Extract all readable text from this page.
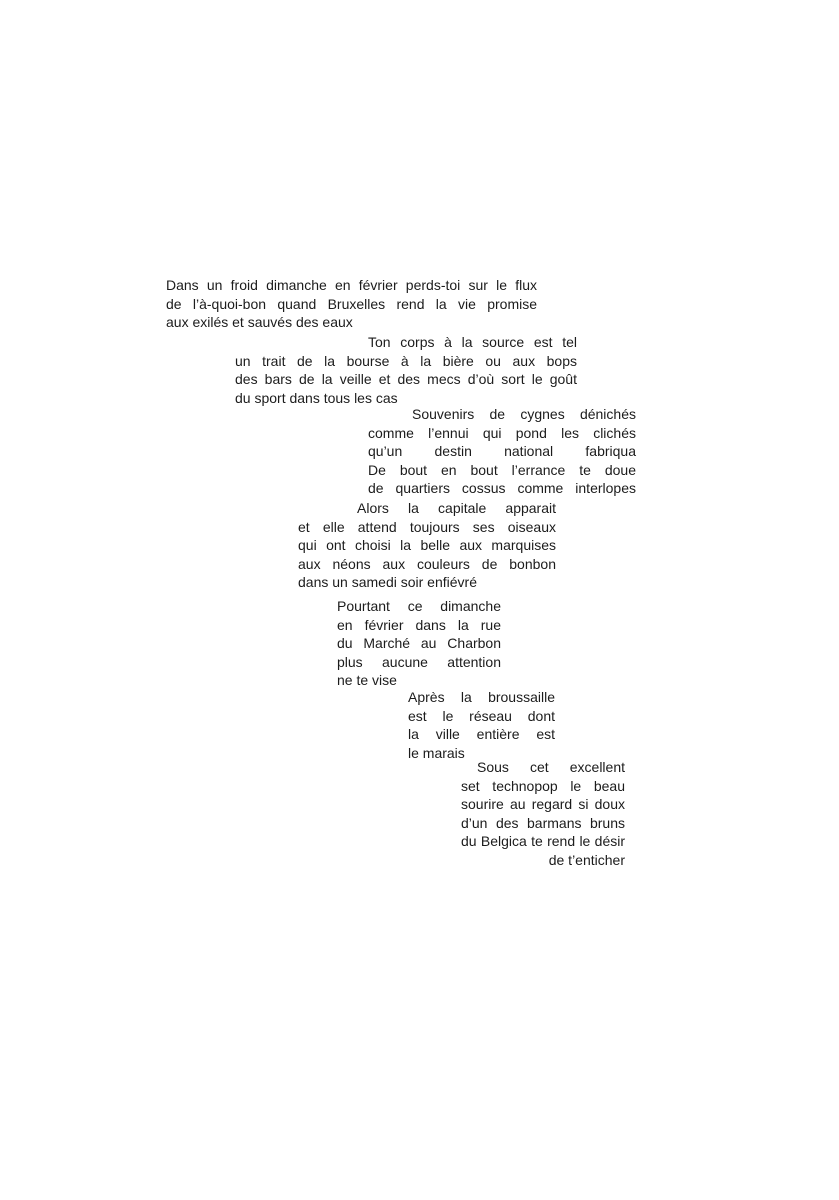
Dans un froid dimanche en février perds-toi sur le flux
de l’à-quoi-bon quand Bruxelles rend la vie promise
aux exilés et sauvés des eaux
Ton corps à la source est tel
un trait de la bourse à la bière ou aux bops
des bars de la veille et des mecs d’où sort le goût
du sport dans tous les cas
Souvenirs de cygnes dénichés
comme l’ennui qui pond les clichés
qu’un destin national fabriqua
De bout en bout l’errance te doue
de quartiers cossus comme interlopes
Alors la capitale apparait
et elle attend toujours ses oiseaux
qui ont choisi la belle aux marquises
aux néons aux couleurs de bonbon
dans un samedi soir enfiévré
Pourtant ce dimanche
en février dans la rue
du Marché au Charbon
plus aucune attention
ne te vise
Après la broussaille
est le réseau dont
la ville entière est
le marais
Sous cet excellent
set technopop le beau
sourire au regard si doux
d’un des barmans bruns
du Belgica te rend le désir
de t’enticher
